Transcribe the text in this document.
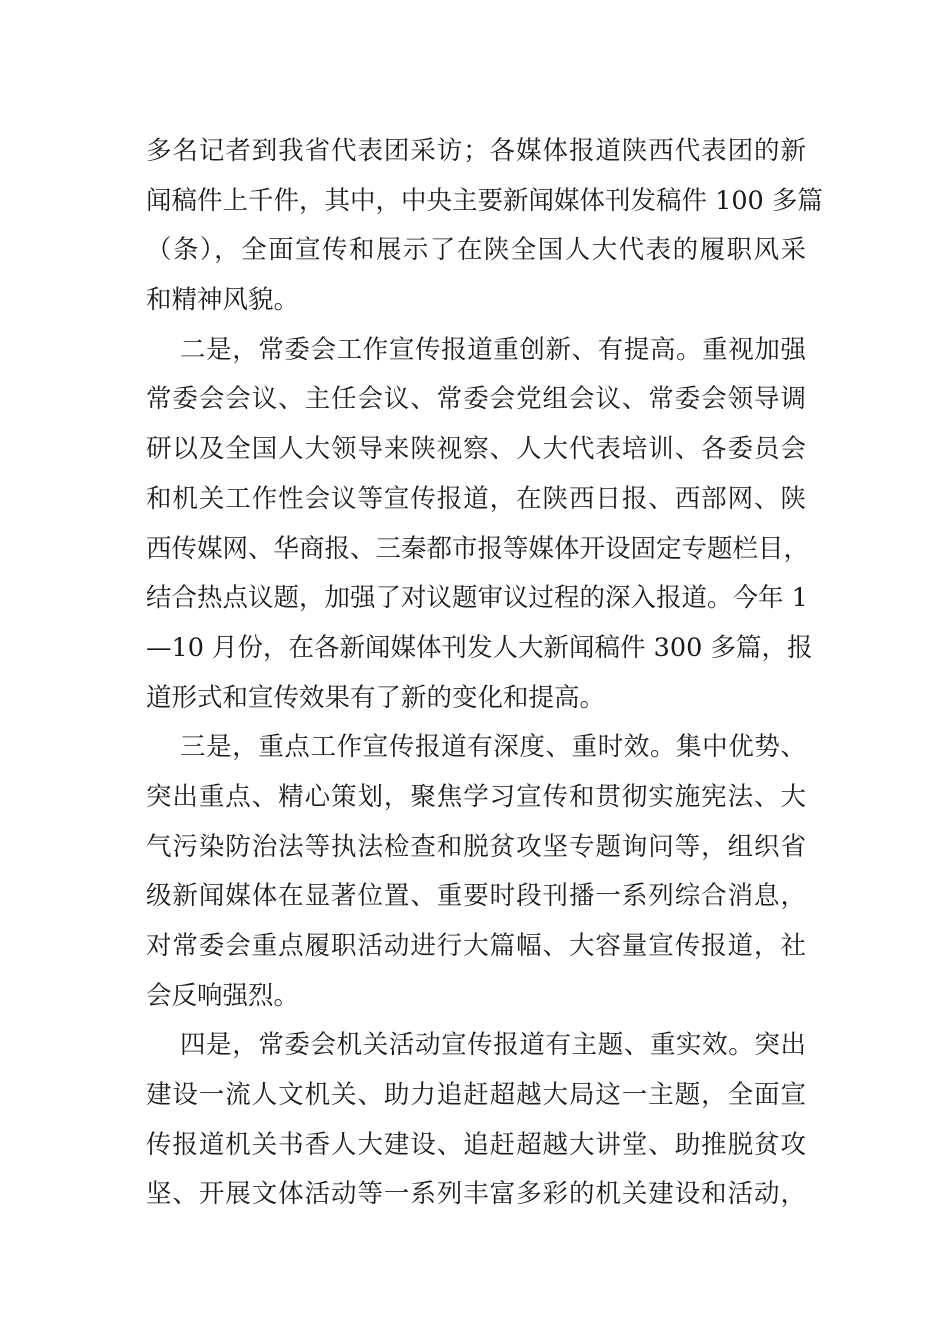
多名记者到我省代表团采访；各媒体报道陕西代表团的新
闻稿件上千件，其中，中央主要新闻媒体刊发稿件 100 多篇
（条），全面宣传和展示了在陕全国人大代表的履职风采
和精神风貌。
二是，常委会工作宣传报道重创新、有提高。重视加强
常委会会议、主任会议、常委会党组会议、常委会领导调
研以及全国人大领导来陕视察、人大代表培训、各委员会
和机关工作性会议等宣传报道，在陕西日报、西部网、陕
西传媒网、华商报、三秦都市报等媒体开设固定专题栏目，
结合热点议题，加强了对议题审议过程的深入报道。今年 1
—10 月份，在各新闻媒体刊发人大新闻稿件 300 多篇，报
道形式和宣传效果有了新的变化和提高。
三是，重点工作宣传报道有深度、重时效。集中优势、
突出重点、精心策划，聚焦学习宣传和贯彻实施宪法、大
气污染防治法等执法检查和脱贫攻坚专题询问等，组织省
级新闻媒体在显著位置、重要时段刊播一系列综合消息，
对常委会重点履职活动进行大篇幅、大容量宣传报道，社
会反响强烈。
四是，常委会机关活动宣传报道有主题、重实效。突出
建设一流人文机关、助力追赶超越大局这一主题，全面宣
传报道机关书香人大建设、追赶超越大讲堂、助推脱贫攻
坚、开展文体活动等一系列丰富多彩的机关建设和活动，
